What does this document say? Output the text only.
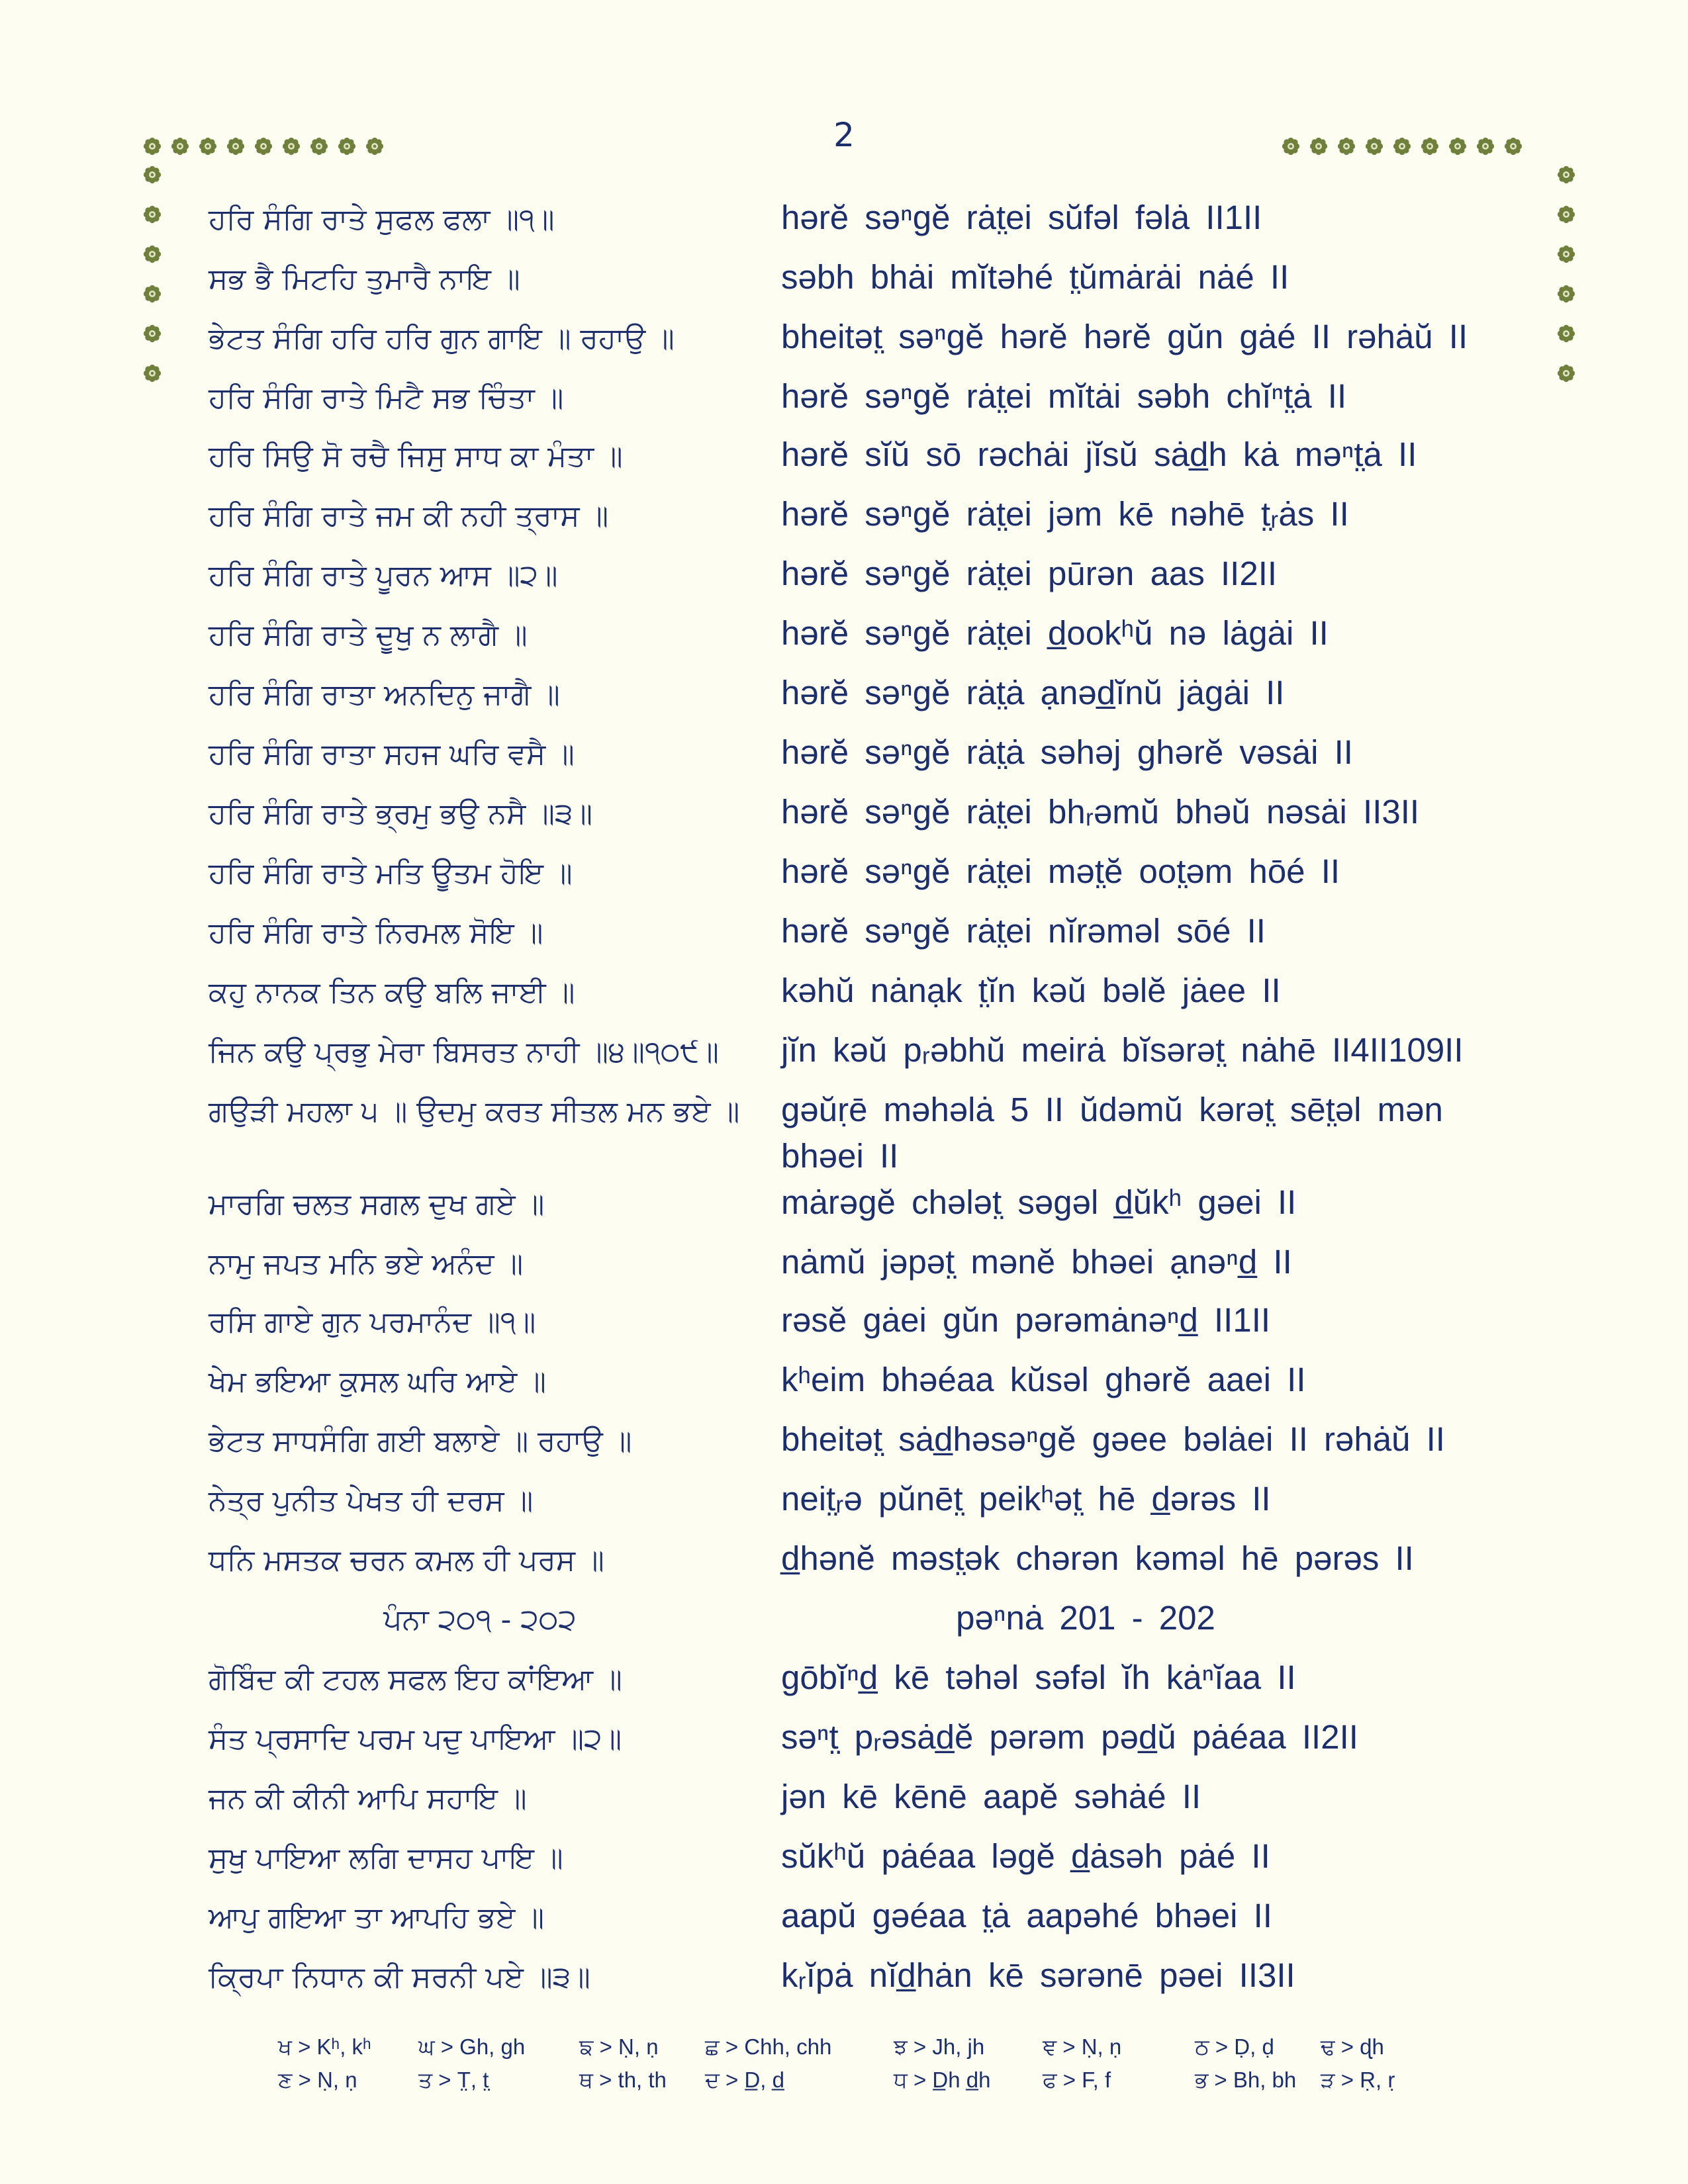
2
ਹਰਿ ਸੰਗਿ ਰਾਤੇ ਸੁਫਲ ਫਲਾ ॥੧॥	hərĕ səⁿgĕ rȧt̤ei sŭfəl fəlȧ II1II
ਸਭ ਭੈ ਮਿਟਹਿ ਤੁਮਾਰੈ ਨਾਇ ॥	səbh bhȧi mĭtəhé t̤ŭmȧrȧi nȧé II
ਭੇਟਤ ਸੰਗਿ ਹਰਿ ਹਰਿ ਗੁਨ ਗਾਇ ॥ ਰਹਾਉ ॥	bheitət̤ səⁿgĕ hərĕ hərĕ gŭn gȧé II rəhȧŭ II
ਹਰਿ ਸੰਗਿ ਰਾਤੇ ਮਿਟੈ ਸਭ ਚਿੰਤਾ ॥	hərĕ səⁿgĕ rȧt̤ei mĭtȧi səbh chĭⁿt̤ȧ II
ਹਰਿ ਸਿਉ ਸੋ ਰਚੈ ਜਿਸੁ ਸਾਧ ਕਾ ਮੰਤਾ ॥	hərĕ sĭŭ sō rəchȧi jĭsŭ sȧd̲h kȧ məⁿt̤ȧ II
ਹਰਿ ਸੰਗਿ ਰਾਤੇ ਜਮ ਕੀ ਨਹੀ ਤ੍ਰਾਸ ॥	hərĕ səⁿgĕ rȧt̤ei jəm kē nəhē t̤ᵣȧs II
ਹਰਿ ਸੰਗਿ ਰਾਤੇ ਪੂਰਨ ਆਸ ॥੨॥	hərĕ səⁿgĕ rȧt̤ei pūrən aas II2II
ਹਰਿ ਸੰਗਿ ਰਾਤੇ ਦੂਖੁ ਨ ਲਾਗੈ ॥	hərĕ səⁿgĕ rȧt̤ei d̲ookʰŭ nə lȧgȧi II
ਹਰਿ ਸੰਗਿ ਰਾਤਾ ਅਨਦਿਨੁ ਜਾਗੈ ॥	hərĕ səⁿgĕ rȧt̤ȧ ạnəd̲ĭnŭ jȧgȧi II
ਹਰਿ ਸੰਗਿ ਰਾਤਾ ਸਹਜ ਘਰਿ ਵਸੈ ॥	hərĕ səⁿgĕ rȧt̤ȧ səhəj ghərĕ vəsȧi II
ਹਰਿ ਸੰਗਿ ਰਾਤੇ ਭ੍ਰਮੁ ਭਉ ਨਸੈ ॥੩॥	hərĕ səⁿgĕ rȧt̤ei bhᵣəmŭ bhəŭ nəsȧi II3II
ਹਰਿ ਸੰਗਿ ਰਾਤੇ ਮਤਿ ਊਤਮ ਹੋਇ ॥	hərĕ səⁿgĕ rȧt̤ei mət̤ĕ oot̤əm hōé II
ਹਰਿ ਸੰਗਿ ਰਾਤੇ ਨਿਰਮਲ ਸੋਇ ॥	hərĕ səⁿgĕ rȧt̤ei nĭrəməl sōé II
ਕਹੁ ਨਾਨਕ ਤਿਨ ਕਉ ਬਲਿ ਜਾਈ ॥	kəhŭ nȧnạk t̤ĭn kəŭ bəlĕ jȧee II
ਜਿਨ ਕਉ ਪ੍ਰਭੁ ਮੇਰਾ ਬਿਸਰਤ ਨਾਹੀ ॥੪॥੧੦੯॥	jĭn kəŭ pᵣəbhŭ meirȧ bĭsərət̤ nȧhē II4II109II
ਗਉੜੀ ਮਹਲਾ ੫ ॥ ਉਦਮੁ ਕਰਤ ਸੀਤਲ ਮਨ ਭਏ ॥	gəŭṛē məhəlȧ 5 II ŭdəmŭ kərət̤ sēt̤əl mən bhəei II
ਮਾਰਗਿ ਚਲਤ ਸਗਲ ਦੁਖ ਗਏ ॥	mȧrəgĕ chələt̤ səgəl d̲ŭkʰ gəei II
ਨਾਮੁ ਜਪਤ ਮਨਿ ਭਏ ਅਨੰਦ ॥	nȧmŭ jəpət̤ mənĕ bhəei ạnəⁿd̲ II
ਰਸਿ ਗਾਏ ਗੁਨ ਪਰਮਾਨੰਦ ॥੧॥	rəsĕ gȧei gŭn pərəmȧnəⁿd̲ II1II
ਖੇਮ ਭਇਆ ਕੁਸਲ ਘਰਿ ਆਏ ॥	kʰeim bhəéaa kŭsəl ghərĕ aaei II
ਭੇਟਤ ਸਾਧਸੰਗਿ ਗਈ ਬਲਾਏ ॥ ਰਹਾਉ ॥	bheitət̤ sȧd̲həsəⁿgĕ gəee bəlȧei II rəhȧŭ II
ਨੇਤ੍ਰ ਪੁਨੀਤ ਪੇਖਤ ਹੀ ਦਰਸ ॥	neit̤ᵣə pŭnēt̤ peikʰət̤ hē d̲ərəs II
ਧਨਿ ਮਸਤਕ ਚਰਨ ਕਮਲ ਹੀ ਪਰਸ ॥	d̲hənĕ məst̤ək chərən kəməl hē pərəs II
ਪੰਨਾ ੨੦੧ - ੨੦੨	pəⁿnȧ 201 - 202
ਗੋਬਿੰਦ ਕੀ ਟਹਲ ਸਫਲ ਇਹ ਕਾਂਇਆ ॥	gōbĭⁿd̲ kē təhəl səfəl ĭh kȧⁿĭaa II
ਸੰਤ ਪ੍ਰਸਾਦਿ ਪਰਮ ਪਦੁ ਪਾਇਆ ॥੨॥	səⁿt̤ pᵣəsȧd̲ĕ pərəm pəd̲ŭ pȧéaa II2II
ਜਨ ਕੀ ਕੀਨੀ ਆਪਿ ਸਹਾਇ ॥	jən kē kēnē aapĕ səhȧé II
ਸੁਖੁ ਪਾਇਆ ਲਗਿ ਦਾਸਹ ਪਾਇ ॥	sŭkʰŭ pȧéaa ləgĕ d̲ȧsəh pȧé II
ਆਪੁ ਗਇਆ ਤਾ ਆਪਹਿ ਭਏ ॥	aapŭ gəéaa t̤ȧ aapəhé bhəei II
ਕ੍ਰਿਪਾ ਨਿਧਾਨ ਕੀ ਸਰਨੀ ਪਏ ॥੩॥	kᵣĭpȧ nĭd̲hȧn kē sərənē pəei II3II
ਖ > Kʰ, kʰ ਘ > Gh, gh ਙ > Ṇ, ṇ ਛ > Chh, chh	ਝ > Jh, jh	ਞ > Ṇ, ṇ	ਠ > Ḍ, ḍ ਢ > ɖh
ਣ > Ṇ, ṇ	ਤ > T̤, t̤	ਥ > th, th ਦ > D̲, d̲	ਧ > D̲h d̲h ਫ > F, f	ਭ > Bh, bh ੜ > Ṛ, ṛ
